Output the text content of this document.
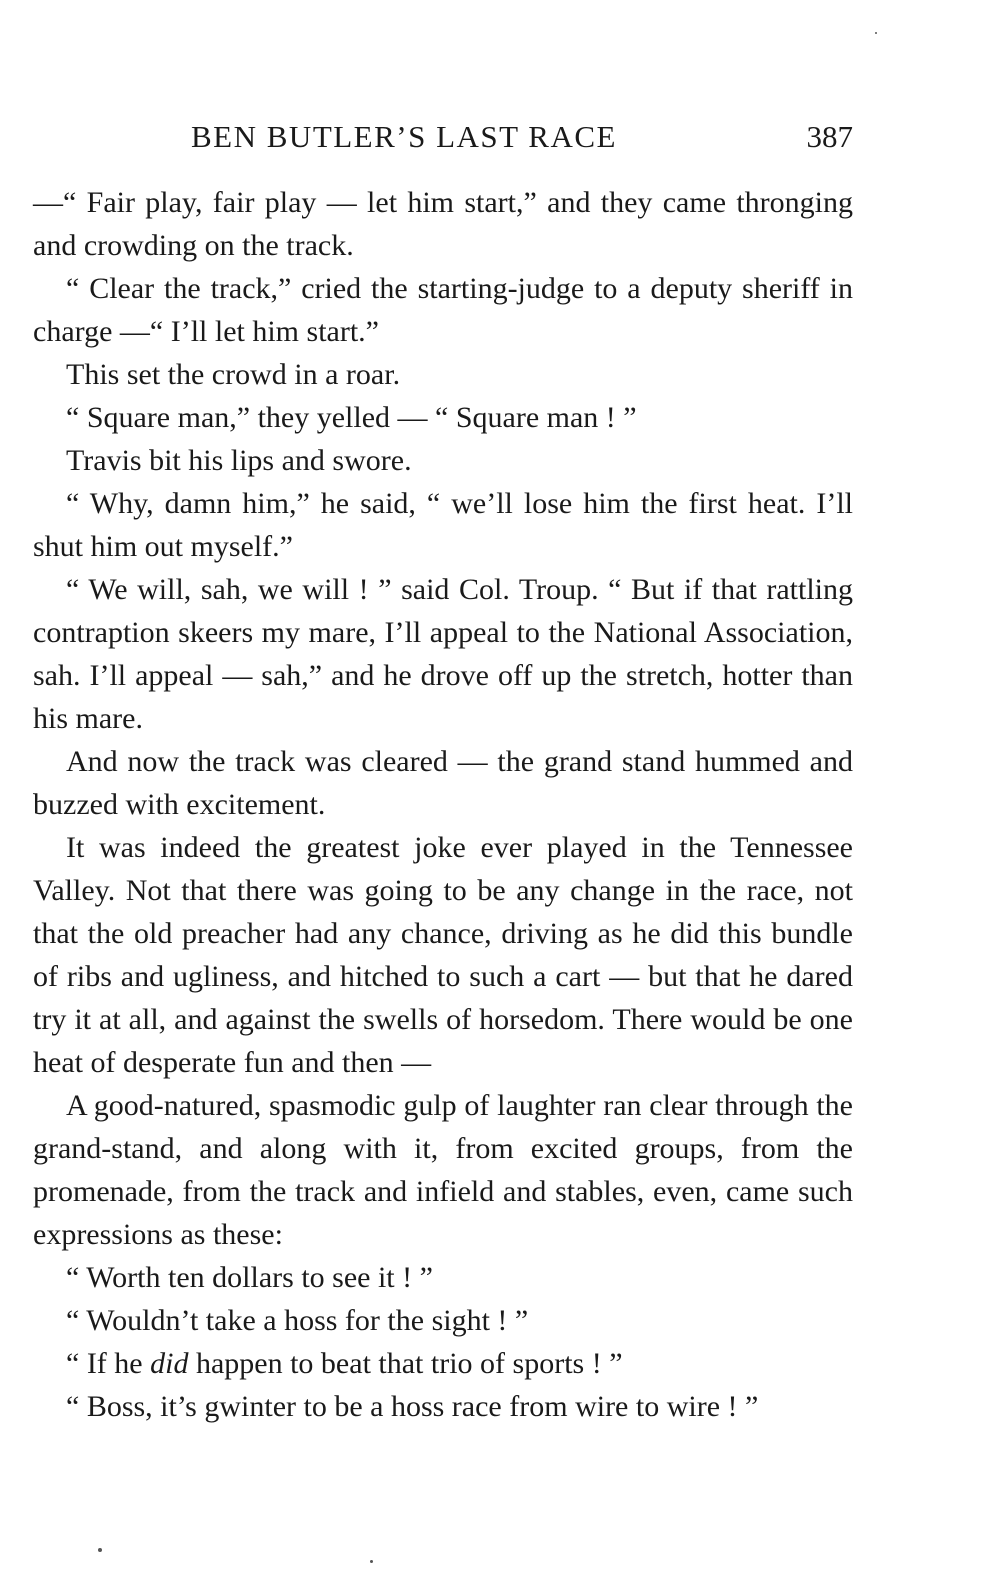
BEN BUTLER’S LAST RACE	387

—“ Fair play, fair play — let him start,” and they came thronging and crowding on the track.

“ Clear the track,” cried the starting-judge to a deputy sheriff in charge —“ I’ll let him start.”

This set the crowd in a roar.

“ Square man,” they yelled — “ Square man ! ”

Travis bit his lips and swore.

“ Why, damn him,” he said, “ we’ll lose him the first heat. I’ll shut him out myself.”

“ We will, sah, we will ! ” said Col. Troup. “ But if that rattling contraption skeers my mare, I’ll appeal to the National Association, sah. I’ll appeal — sah,” and he drove off up the stretch, hotter than his mare.

And now the track was cleared — the grand stand hummed and buzzed with excitement.

It was indeed the greatest joke ever played in the Tennessee Valley. Not that there was going to be any change in the race, not that the old preacher had any chance, driving as he did this bundle of ribs and ugliness, and hitched to such a cart — but that he dared try it at all, and against the swells of horsedom. There would be one heat of desperate fun and then —

A good-natured, spasmodic gulp of laughter ran clear through the grand-stand, and along with it, from excited groups, from the promenade, from the track and infield and stables, even, came such expressions as these:

“ Worth ten dollars to see it ! ”

“ Wouldn’t take a hoss for the sight ! ”

“ If he did happen to beat that trio of sports ! ”

“ Boss, it’s gwinter to be a hoss race from wire to wire ! ”
